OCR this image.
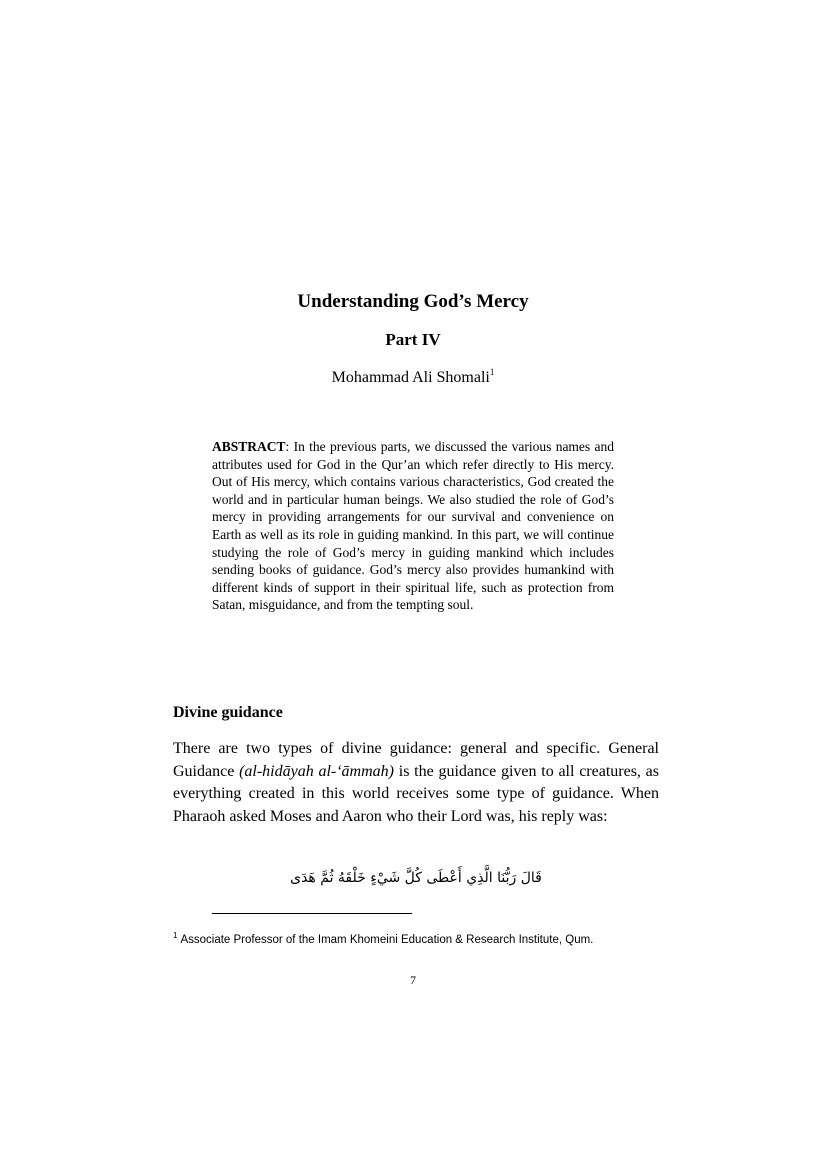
Understanding God’s Mercy
Part IV
Mohammad Ali Shomali$^1$
ABSTRACT: In the previous parts, we discussed the various names and attributes used for God in the Qur’an which refer directly to His mercy. Out of His mercy, which contains various characteristics, God created the world and in particular human beings. We also studied the role of God’s mercy in providing arrangements for our survival and convenience on Earth as well as its role in guiding mankind. In this part, we will continue studying the role of God’s mercy in guiding mankind which includes sending books of guidance. God’s mercy also provides humankind with different kinds of support in their spiritual life, such as protection from Satan, misguidance, and from the tempting soul.
Divine guidance
There are two types of divine guidance: general and specific. General Guidance (al-hidāyah al-‘āmmah) is the guidance given to all creatures, as everything created in this world receives some type of guidance. When Pharaoh asked Moses and Aaron who their Lord was, his reply was:
قَالَ رَبُّنَا الَّذِي أَعْطَى كُلَّ شَيْءٍ خَلْقَهُ ثُمَّ هَدَى
$^1$ Associate Professor of the Imam Khomeini Education & Research Institute, Qum.
7
